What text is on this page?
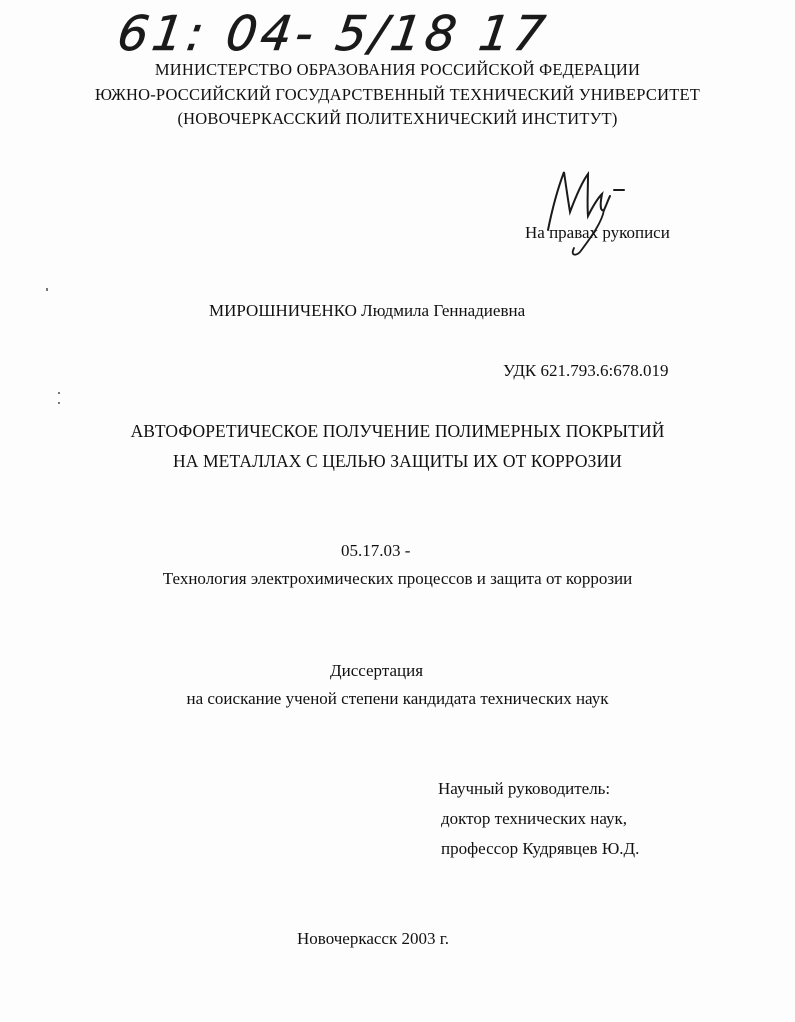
61: 04- 5/18 17
МИНИСТЕРСТВО ОБРАЗОВАНИЯ РОССИЙСКОЙ ФЕДЕРАЦИИ
ЮЖНО-РОССИЙСКИЙ ГОСУДАРСТВЕННЫЙ ТЕХНИЧЕСКИЙ УНИВЕРСИТЕТ
(НОВОЧЕРКАССКИЙ ПОЛИТЕХНИЧЕСКИЙ ИНСТИТУТ)
На правах рукописи
МИРОШНИЧЕНКО Людмила Геннадиевна
УДК 621.793.6:678.019
АВТОФОРЕТИЧЕСКОЕ ПОЛУЧЕНИЕ ПОЛИМЕРНЫХ ПОКРЫТИЙ
НА МЕТАЛЛАХ С ЦЕЛЬЮ ЗАЩИТЫ ИХ ОТ КОРРОЗИИ
05.17.03 -
Технология электрохимических процессов и защита от коррозии
Диссертация
на соискание ученой степени кандидата технических наук
Научный руководитель:
доктор технических наук,
профессор Кудрявцев Ю.Д.
Новочеркасск 2003 г.
